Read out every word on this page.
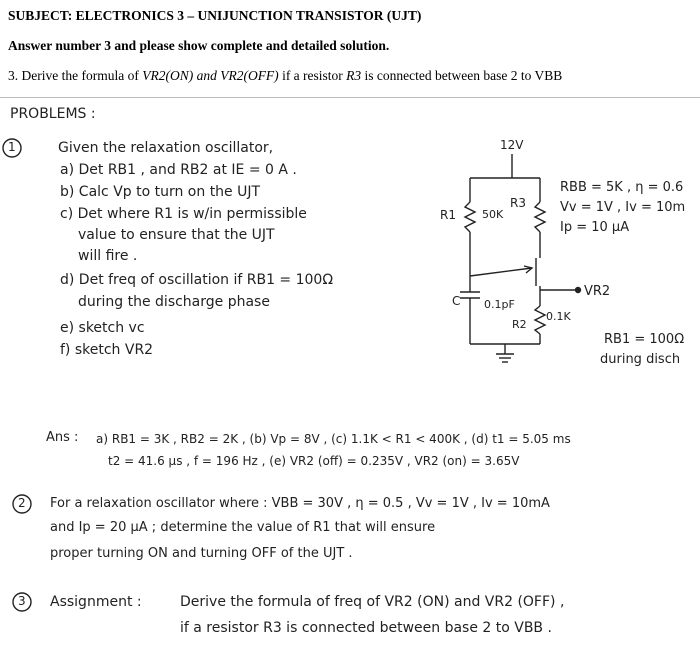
SUBJECT: ELECTRONICS 3 – UNIJUNCTION TRANSISTOR (UJT)
Answer number 3 and please show complete and detailed solution.
3. Derive the formula of VR2(ON) and VR2(OFF) if a resistor R3 is connected between base 2 to VBB
PROBLEMS :
1	Given the relaxation oscillator,
a) Det RB1 , and RB2 at IE = 0 A .
b) Calc Vp to turn on the UJT
c) Det where R1 is w/in permissible
value to ensure that the UJT
will fire .
d) Det freq of oscillation if RB1 = 100Ω
during the discharge phase
e) sketch vc
f) sketch VR2
12V
R1 50K
R3
C 0.1pF
R2
0.1K
VR2
RBB = 5K , η = 0.6
Vv = 1V , Iv = 10m
Ip = 10 μA
RB1 = 100Ω
during disch
Ans : a) RB1 = 3K , RB2 = 2K , (b) Vp = 8V , (c) 1.1K < R1 < 400K , (d) t1 = 5.05 ms
t2 = 41.6 μs , f = 196 Hz , (e) VR2 (off) = 0.235V , VR2 (on) = 3.65V
2 For a relaxation oscillator where : VBB = 30V , η = 0.5 , Vv = 1V , Iv = 10mA
and Ip = 20 μA ; determine the value of R1 that will ensure
proper turning ON and turning OFF of the UJT .
3 Assignment :	Derive the formula of freq of VR2 (ON) and VR2 (OFF) ,
if a resistor R3 is connected between base 2 to VBB .
